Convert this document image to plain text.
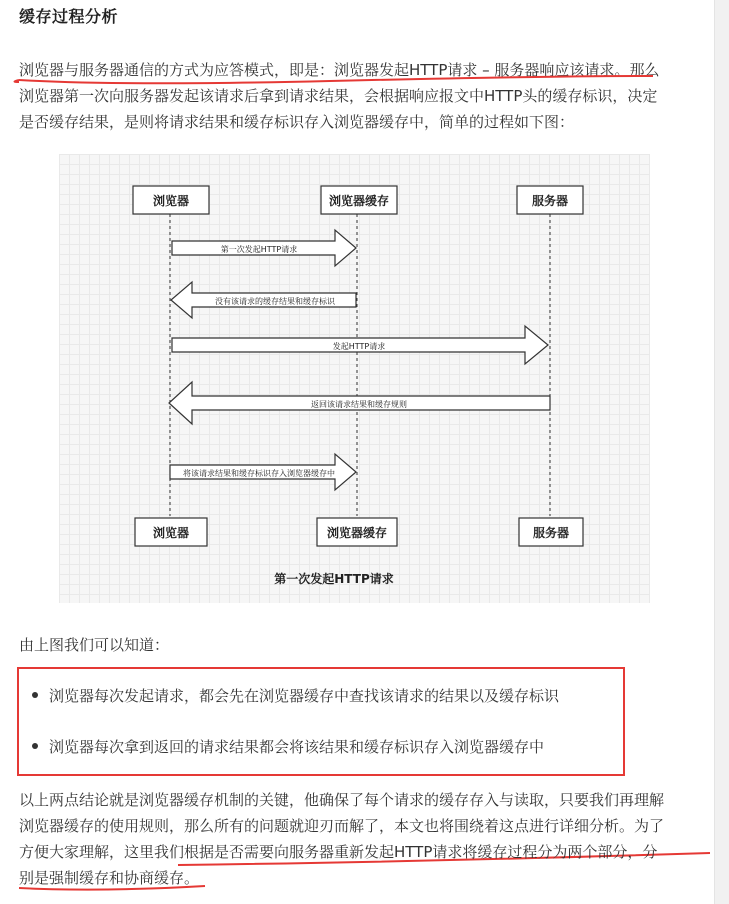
缓存过程分析

浏览器与服务器通信的方式为应答模式，即是：浏览器发起HTTP请求 – 服务器响应该请求。那么
浏览器第一次向服务器发起该请求后拿到请求结果，会根据响应报文中HTTP头的缓存标识，决定
是否缓存结果，是则将请求结果和缓存标识存入浏览器缓存中，简单的过程如下图：

浏览器	浏览器缓存	服务器
第一次发起HTTP请求
没有该请求的缓存结果和缓存标识
发起HTTP请求
返回该请求结果和缓存规则
将该请求结果和缓存标识存入浏览器缓存中
浏览器	浏览器缓存	服务器
第一次发起HTTP请求

由上图我们可以知道：

浏览器每次发起请求，都会先在浏览器缓存中查找该请求的结果以及缓存标识
浏览器每次拿到返回的请求结果都会将该结果和缓存标识存入浏览器缓存中

以上两点结论就是浏览器缓存机制的关键，他确保了每个请求的缓存存入与读取，只要我们再理解
浏览器缓存的使用规则，那么所有的问题就迎刃而解了，本文也将围绕着这点进行详细分析。为了
方便大家理解，这里我们根据是否需要向服务器重新发起HTTP请求将缓存过程分为两个部分，分
别是强制缓存和协商缓存。
